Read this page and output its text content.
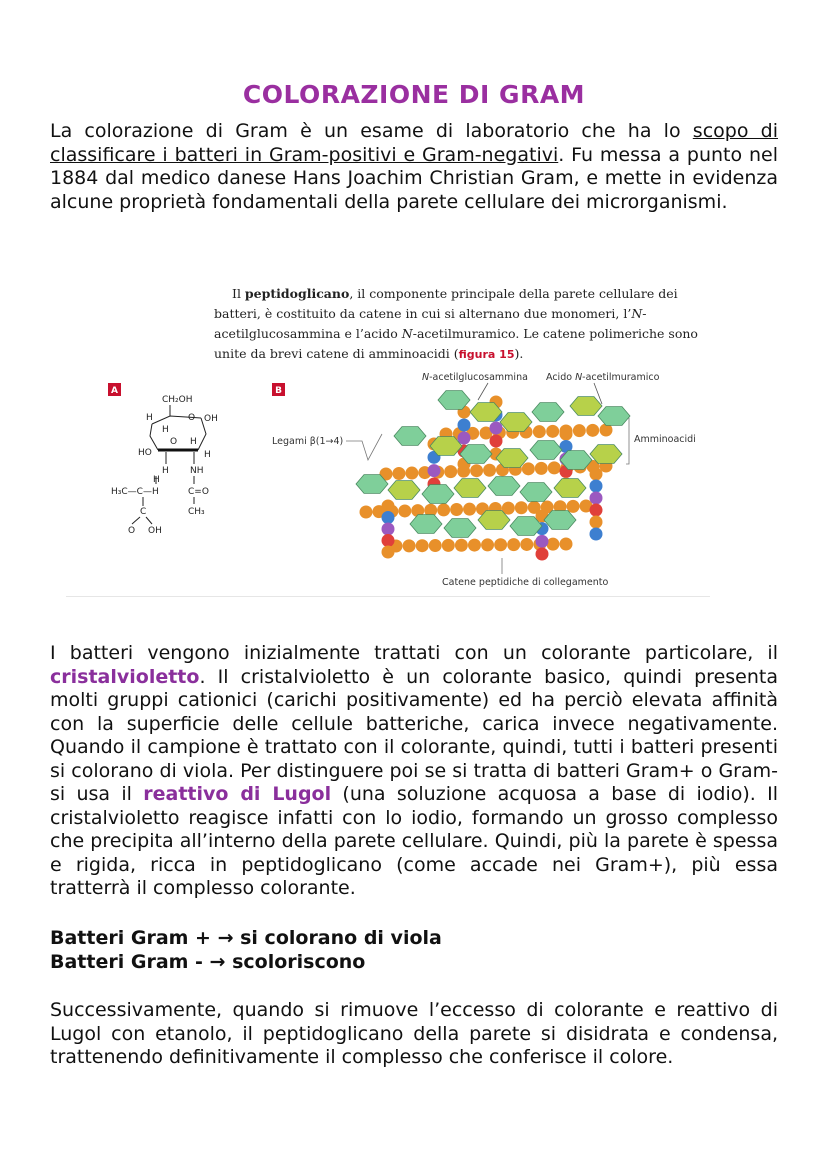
COLORAZIONE DI GRAM

La colorazione di Gram è un esame di laboratorio che ha lo scopo di classificare i batteri in Gram-positivi e Gram-negativi. Fu messa a punto nel 1884 dal medico danese Hans Joachim Christian Gram, e mette in evidenza alcune proprietà fondamentali della parete cellulare dei microrganismi.

Il peptidoglicano, il componente principale della parete cellulare dei batteri, è costituito da catene in cui si alternano due monomeri, l’N-acetilglucosammina e l’acido N-acetilmuramico. Le catene polimeriche sono unite da brevi catene di amminoacidi (figura 15).

A
CH₂OH
H	O OH
H
O H
HO	H
H NH
H₃C—C—H	C=O
H
C	CH₃
O OH
B
N-acetilglucosammina Acido N-acetilmuramico
Legami β(1→4)	Amminoacidi
Catene peptidiche di collegamento

I batteri vengono inizialmente trattati con un colorante particolare, il cristalvioletto. Il cristalvioletto è un colorante basico, quindi presenta molti gruppi cationici (carichi positivamente) ed ha perciò elevata affinità con la superficie delle cellule batteriche, carica invece negativamente. Quando il campione è trattato con il colorante, quindi, tutti i batteri presenti si colorano di viola. Per distinguere poi se si tratta di batteri Gram+ o Gram- si usa il reattivo di Lugol (una soluzione acquosa a base di iodio). Il cristalvioletto reagisce infatti con lo iodio, formando un grosso complesso che precipita all’interno della parete cellulare. Quindi, più la parete è spessa e rigida, ricca in peptidoglicano (come accade nei Gram+), più essa tratterrà il complesso colorante.

Batteri Gram + → si colorano di viola

Batteri Gram - → scoloriscono

Successivamente, quando si rimuove l’eccesso di colorante e reattivo di Lugol con etanolo, il peptidoglicano della parete si disidrata e condensa, trattenendo definitivamente il complesso che conferisce il colore.
